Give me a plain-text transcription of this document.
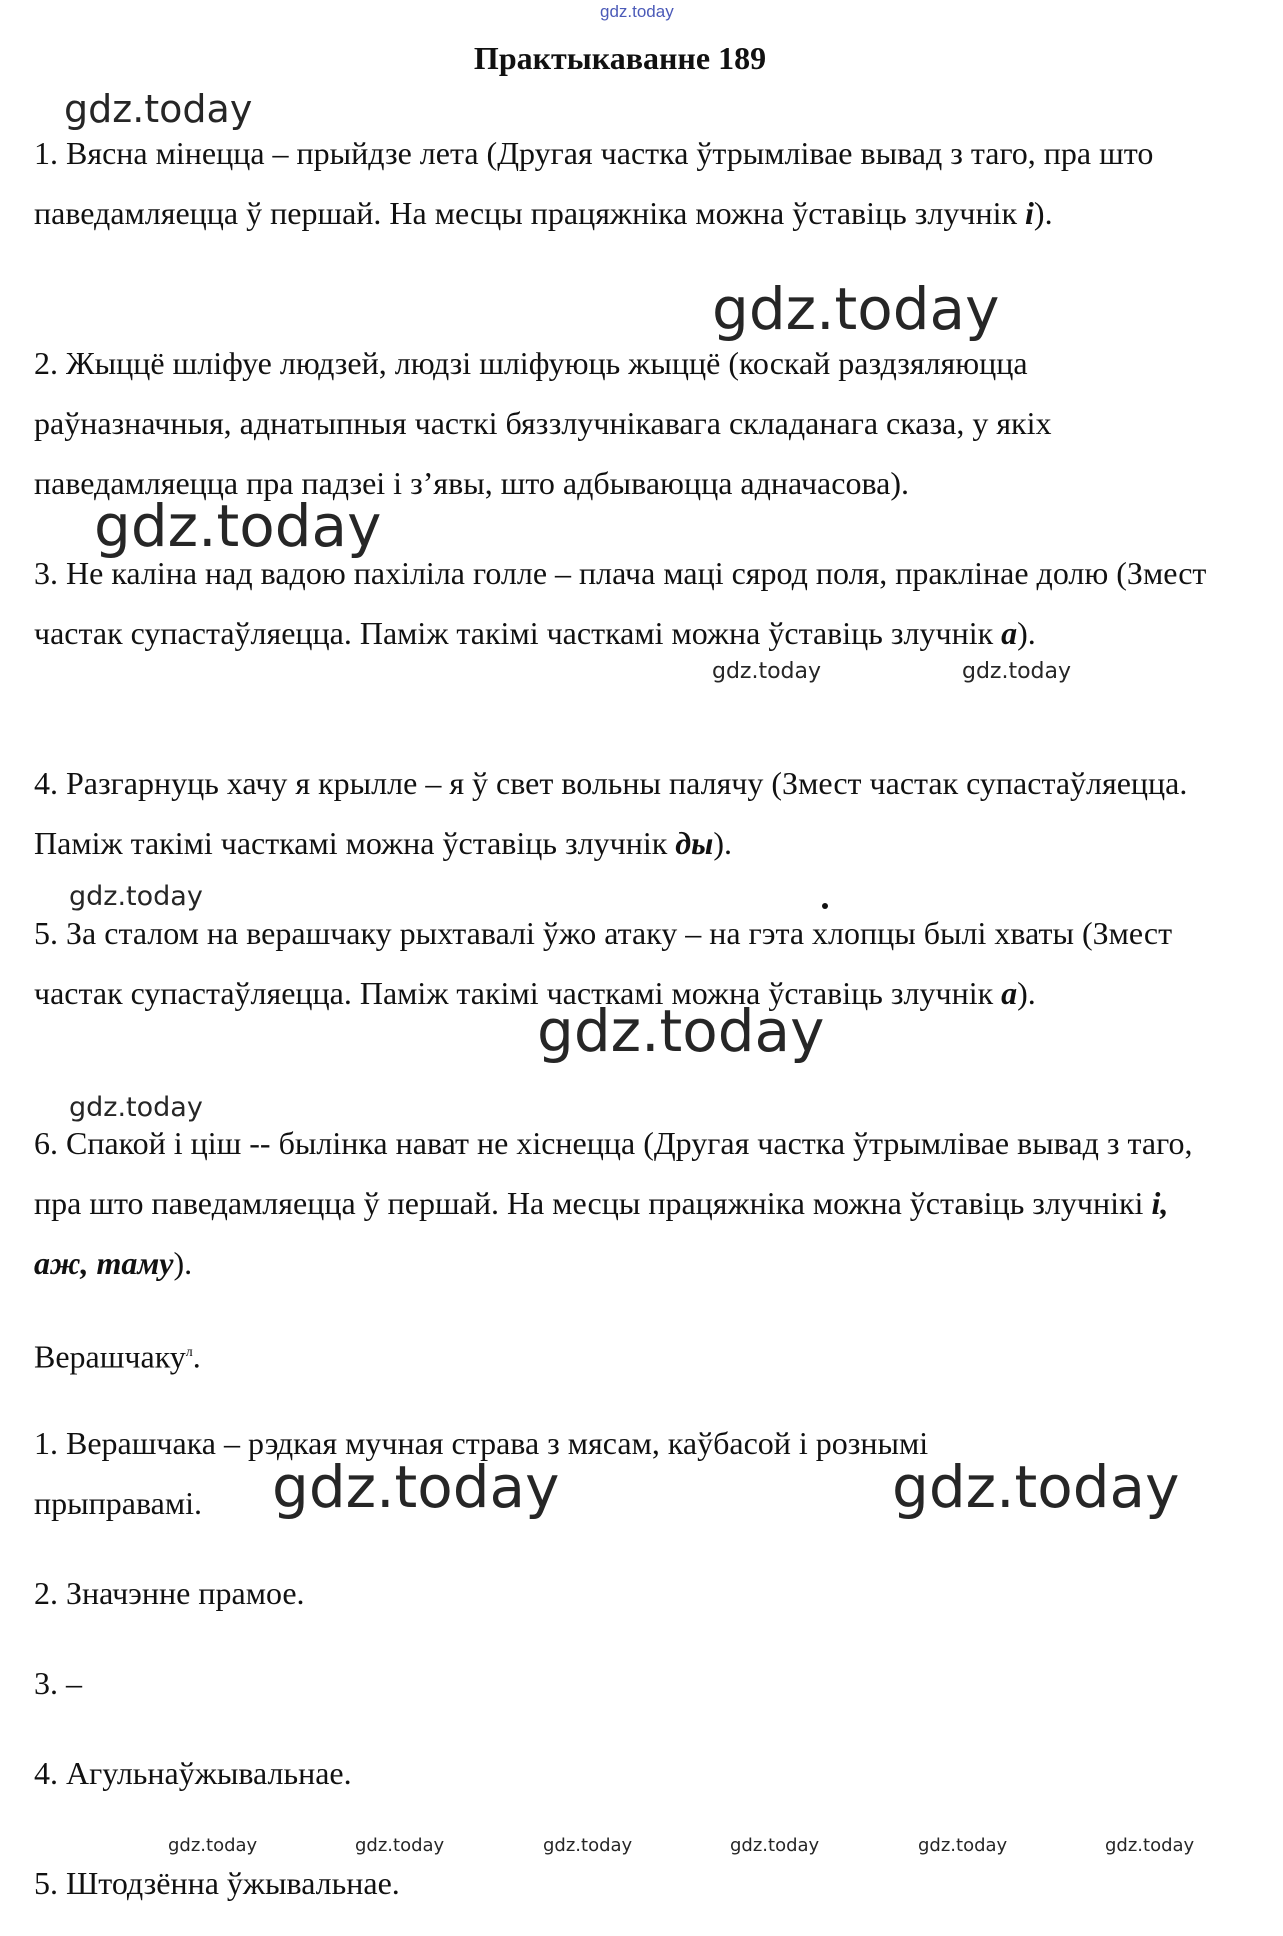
gdz.today
Практыкаванне 189
1. Вясна мінецца – прыйдзе лета (Другая частка ўтрымлівае вывад з таго, пра што паведамляецца ў першай. На месцы працяжніка можна ўставіць злучнік і).
2. Жыццё шліфуе людзей, людзі шліфуюць жыццё (коскай раздзяляюцца раўназначныя, аднатыпныя часткі бяззлучнікавага складанага сказа, у якіх паведамляецца пра падзеі і з’явы, што адбываюцца адначасова).
3. Не каліна над вадою пахіліла голле – плача маці сярод поля, праклінае долю (Змест частак супастаўляецца. Паміж такімі часткамі можна ўставіць злучнік а).
4. Разгарнуць хачу я крылле – я ў свет вольны палячу (Змест частак супастаўляецца. Паміж такімі часткамі можна ўставіць злучнік ды).
5. За сталом на верашчаку рыхтавалі ўжо атаку – на гэта хлопцы былі хваты (Змест частак супастаўляецца. Паміж такімі часткамі можна ўставіць злучнік а).
6. Спакой і ціш -- былінка нават не хіснецца (Другая частка ўтрымлівае вывад з таго, пра што паведамляецца ў першай. На месцы працяжніка можна ўставіць злучнікі і, аж, таму).
Верашчаку$^л$.
1. Верашчака – рэдкая мучная страва з мясам, каўбасой і рознымі прыправамі.
2. Значэнне прамое.
3. –
4. Агульнаўжывальнае.
5. Штодзённа ўжывальнае.
gdz.today
gdz.today
gdz.today
gdz.today	gdz.today
gdz.today
gdz.today
gdz.today
gdz.today	gdz.today
gdz.today	gdz.today	gdz.today	gdz.today	gdz.today	gdz.today
